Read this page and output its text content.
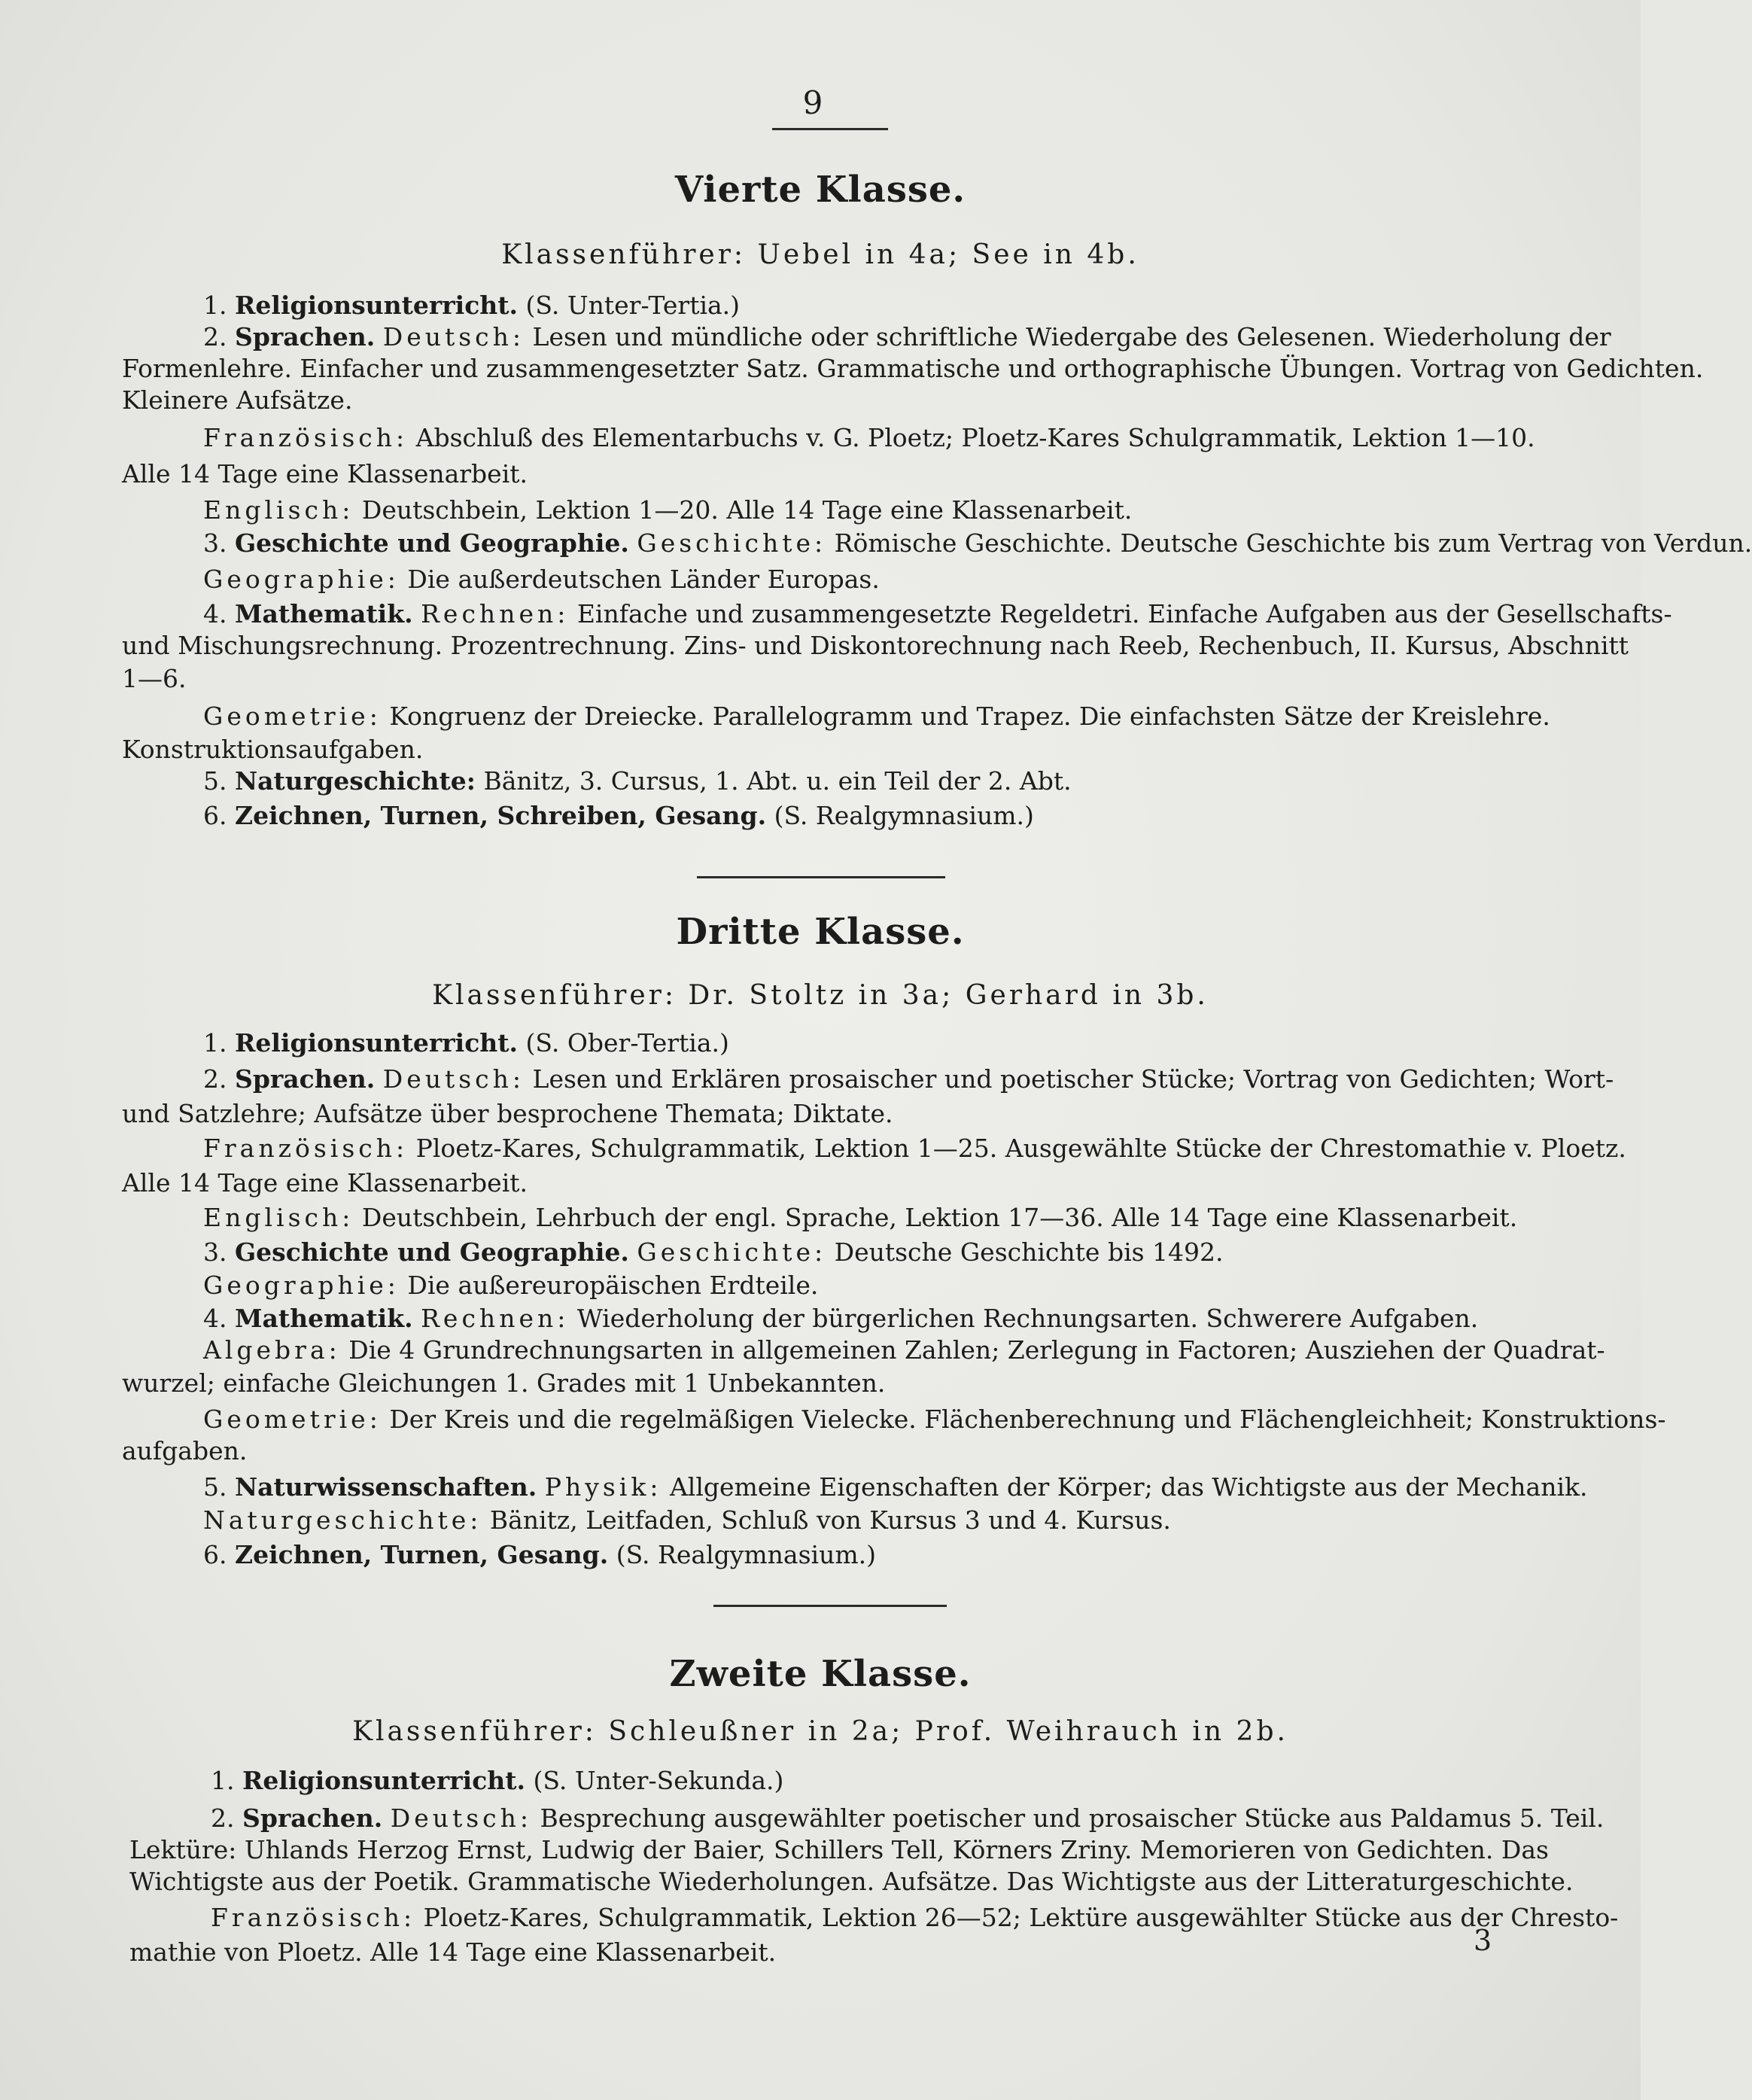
9
Vierte Klasse.
Klassenführer: Uebel in 4a; See in 4b.
1. Religionsunterricht. (S. Unter-Tertia.)
2. Sprachen. Deutsch: Lesen und mündliche oder schriftliche Wiedergabe des Gelesenen. Wiederholung der
Formenlehre. Einfacher und zusammengesetzter Satz. Grammatische und orthographische Übungen. Vortrag von Gedichten.
Kleinere Aufsätze.
Französisch: Abschluß des Elementarbuchs v. G. Ploetz; Ploetz-Kares Schulgrammatik, Lektion 1—10.
Alle 14 Tage eine Klassenarbeit.
Englisch: Deutschbein, Lektion 1—20. Alle 14 Tage eine Klassenarbeit.
3. Geschichte und Geographie. Geschichte: Römische Geschichte. Deutsche Geschichte bis zum Vertrag von Verdun.
Geographie: Die außerdeutschen Länder Europas.
4. Mathematik. Rechnen: Einfache und zusammengesetzte Regeldetri. Einfache Aufgaben aus der Gesellschafts-
und Mischungsrechnung. Prozentrechnung. Zins- und Diskontorechnung nach Reeb, Rechenbuch, II. Kursus, Abschnitt
1—6.
Geometrie: Kongruenz der Dreiecke. Parallelogramm und Trapez. Die einfachsten Sätze der Kreislehre.
Konstruktionsaufgaben.
5. Naturgeschichte: Bänitz, 3. Cursus, 1. Abt. u. ein Teil der 2. Abt.
6. Zeichnen, Turnen, Schreiben, Gesang. (S. Realgymnasium.)
Dritte Klasse.
Klassenführer: Dr. Stoltz in 3a; Gerhard in 3b.
1. Religionsunterricht. (S. Ober-Tertia.)
2. Sprachen. Deutsch: Lesen und Erklären prosaischer und poetischer Stücke; Vortrag von Gedichten; Wort-
und Satzlehre; Aufsätze über besprochene Themata; Diktate.
Französisch: Ploetz-Kares, Schulgrammatik, Lektion 1—25. Ausgewählte Stücke der Chrestomathie v. Ploetz.
Alle 14 Tage eine Klassenarbeit.
Englisch: Deutschbein, Lehrbuch der engl. Sprache, Lektion 17—36. Alle 14 Tage eine Klassenarbeit.
3. Geschichte und Geographie. Geschichte: Deutsche Geschichte bis 1492.
Geographie: Die außereuropäischen Erdteile.
4. Mathematik. Rechnen: Wiederholung der bürgerlichen Rechnungsarten. Schwerere Aufgaben.
Algebra: Die 4 Grundrechnungsarten in allgemeinen Zahlen; Zerlegung in Factoren; Ausziehen der Quadrat-
wurzel; einfache Gleichungen 1. Grades mit 1 Unbekannten.
Geometrie: Der Kreis und die regelmäßigen Vielecke. Flächenberechnung und Flächengleichheit; Konstruktions-
aufgaben.
5. Naturwissenschaften. Physik: Allgemeine Eigenschaften der Körper; das Wichtigste aus der Mechanik.
Naturgeschichte: Bänitz, Leitfaden, Schluß von Kursus 3 und 4. Kursus.
6. Zeichnen, Turnen, Gesang. (S. Realgymnasium.)
Zweite Klasse.
Klassenführer: Schleußner in 2a; Prof. Weihrauch in 2b.
1. Religionsunterricht. (S. Unter-Sekunda.)
2. Sprachen. Deutsch: Besprechung ausgewählter poetischer und prosaischer Stücke aus Paldamus 5. Teil.
Lektüre: Uhlands Herzog Ernst, Ludwig der Baier, Schillers Tell, Körners Zriny. Memorieren von Gedichten. Das
Wichtigste aus der Poetik. Grammatische Wiederholungen. Aufsätze. Das Wichtigste aus der Litteraturgeschichte.
Französisch: Ploetz-Kares, Schulgrammatik, Lektion 26—52; Lektüre ausgewählter Stücke aus der Chresto-
mathie von Ploetz. Alle 14 Tage eine Klassenarbeit.	3
